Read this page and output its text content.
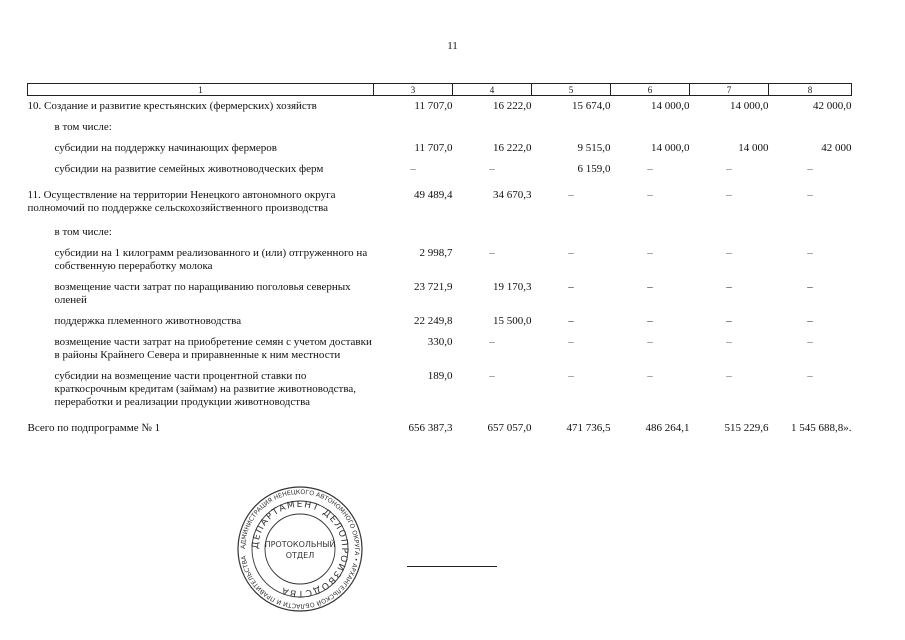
11
1	3	4	5	6	7	8
10. Создание и развитие крестьянских (фермерских) хозяйств	11 707,0	16 222,0	15 674,0	14 000,0	14 000,0	42 000,0
в том числе:						
субсидии на поддержку начинающих фермеров	11 707,0	16 222,0	9 515,0	14 000,0	14 000	42 000
субсидии на развитие семейных животноводческих ферм	–	–	6 159,0	–	–	–
11. Осуществление на территории Ненецкого автономного округа полномочий по поддержке сельскохозяйственного производства	49 489,4	34 670,3	–	–	–	–
в том числе:						
субсидии на 1 килограмм реализованного и (или) отгруженного на собственную переработку молока	2 998,7	–	–	–	–	–
возмещение части затрат по наращиванию поголовья северных оленей	23 721,9	19 170,3	–	–	–	–
поддержка племенного животноводства	22 249,8	15 500,0	–	–	–	–
возмещение части затрат на приобретение семян с учетом доставки в районы Крайнего Севера и приравненные к ним местности	330,0	–	–	–	–	–
субсидии на возмещение части процентной ставки по краткосрочным кредитам (займам) на развитие животноводства, переработки и реализации продукции животноводства	189,0	–	–	–	–	–
Всего по подпрограмме № 1	656 387,3	657 057,0	471 736,5	486 264,1	515 229,6	1 545 688,8».
АДМИНИСТРАЦИЯ НЕНЕЦКОГО АВТОНОМНОГО ОКРУГА • АРХАНГЕЛЬСКОЙ ОБЛАСТИ И ПРАВИТЕЛЬСТВА
ДЕПАРТАМЕНТ ДЕЛОПРОИЗВОДСТВА
ПРОТОКОЛЬНЫЙ
ОТДЕЛ
